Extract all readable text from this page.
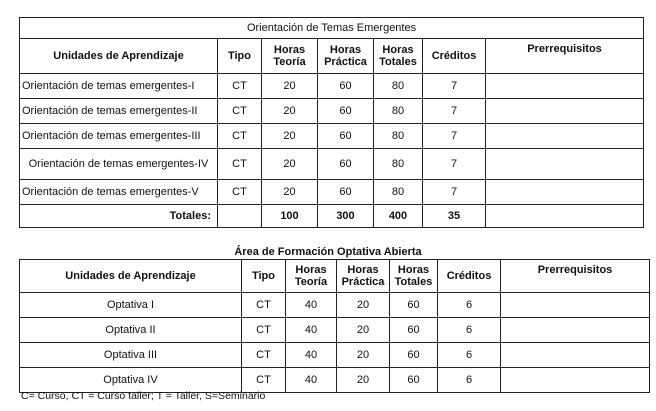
Orientación de Temas Emergentes						
Unidades de Aprendizaje	Tipo	Horas Teoría	Horas Práctica	Horas Totales	Créditos	Prerrequisitos
Orientación de temas emergentes-I	CT	20	60	80	7	
Orientación de temas emergentes-II	CT	20	60	80	7	
Orientación de temas emergentes-III	CT	20	60	80	7	
Orientación de temas emergentes-IV	CT	20	60	80	7	
Orientación de temas emergentes-V	CT	20	60	80	7	
Totales:		100	300	400	35	
Área de Formación Optativa Abierta
Unidades de Aprendizaje	Tipo	Horas Teoría	Horas Práctica	Horas Totales	Créditos	Prerrequisitos
Optativa I	CT	40	20	60	6	
Optativa II	CT	40	20	60	6	
Optativa III	CT	40	20	60	6	
Optativa IV	CT	40	20	60	6	
C= Curso, CT = Curso taller; T = Taller, S=Seminario
